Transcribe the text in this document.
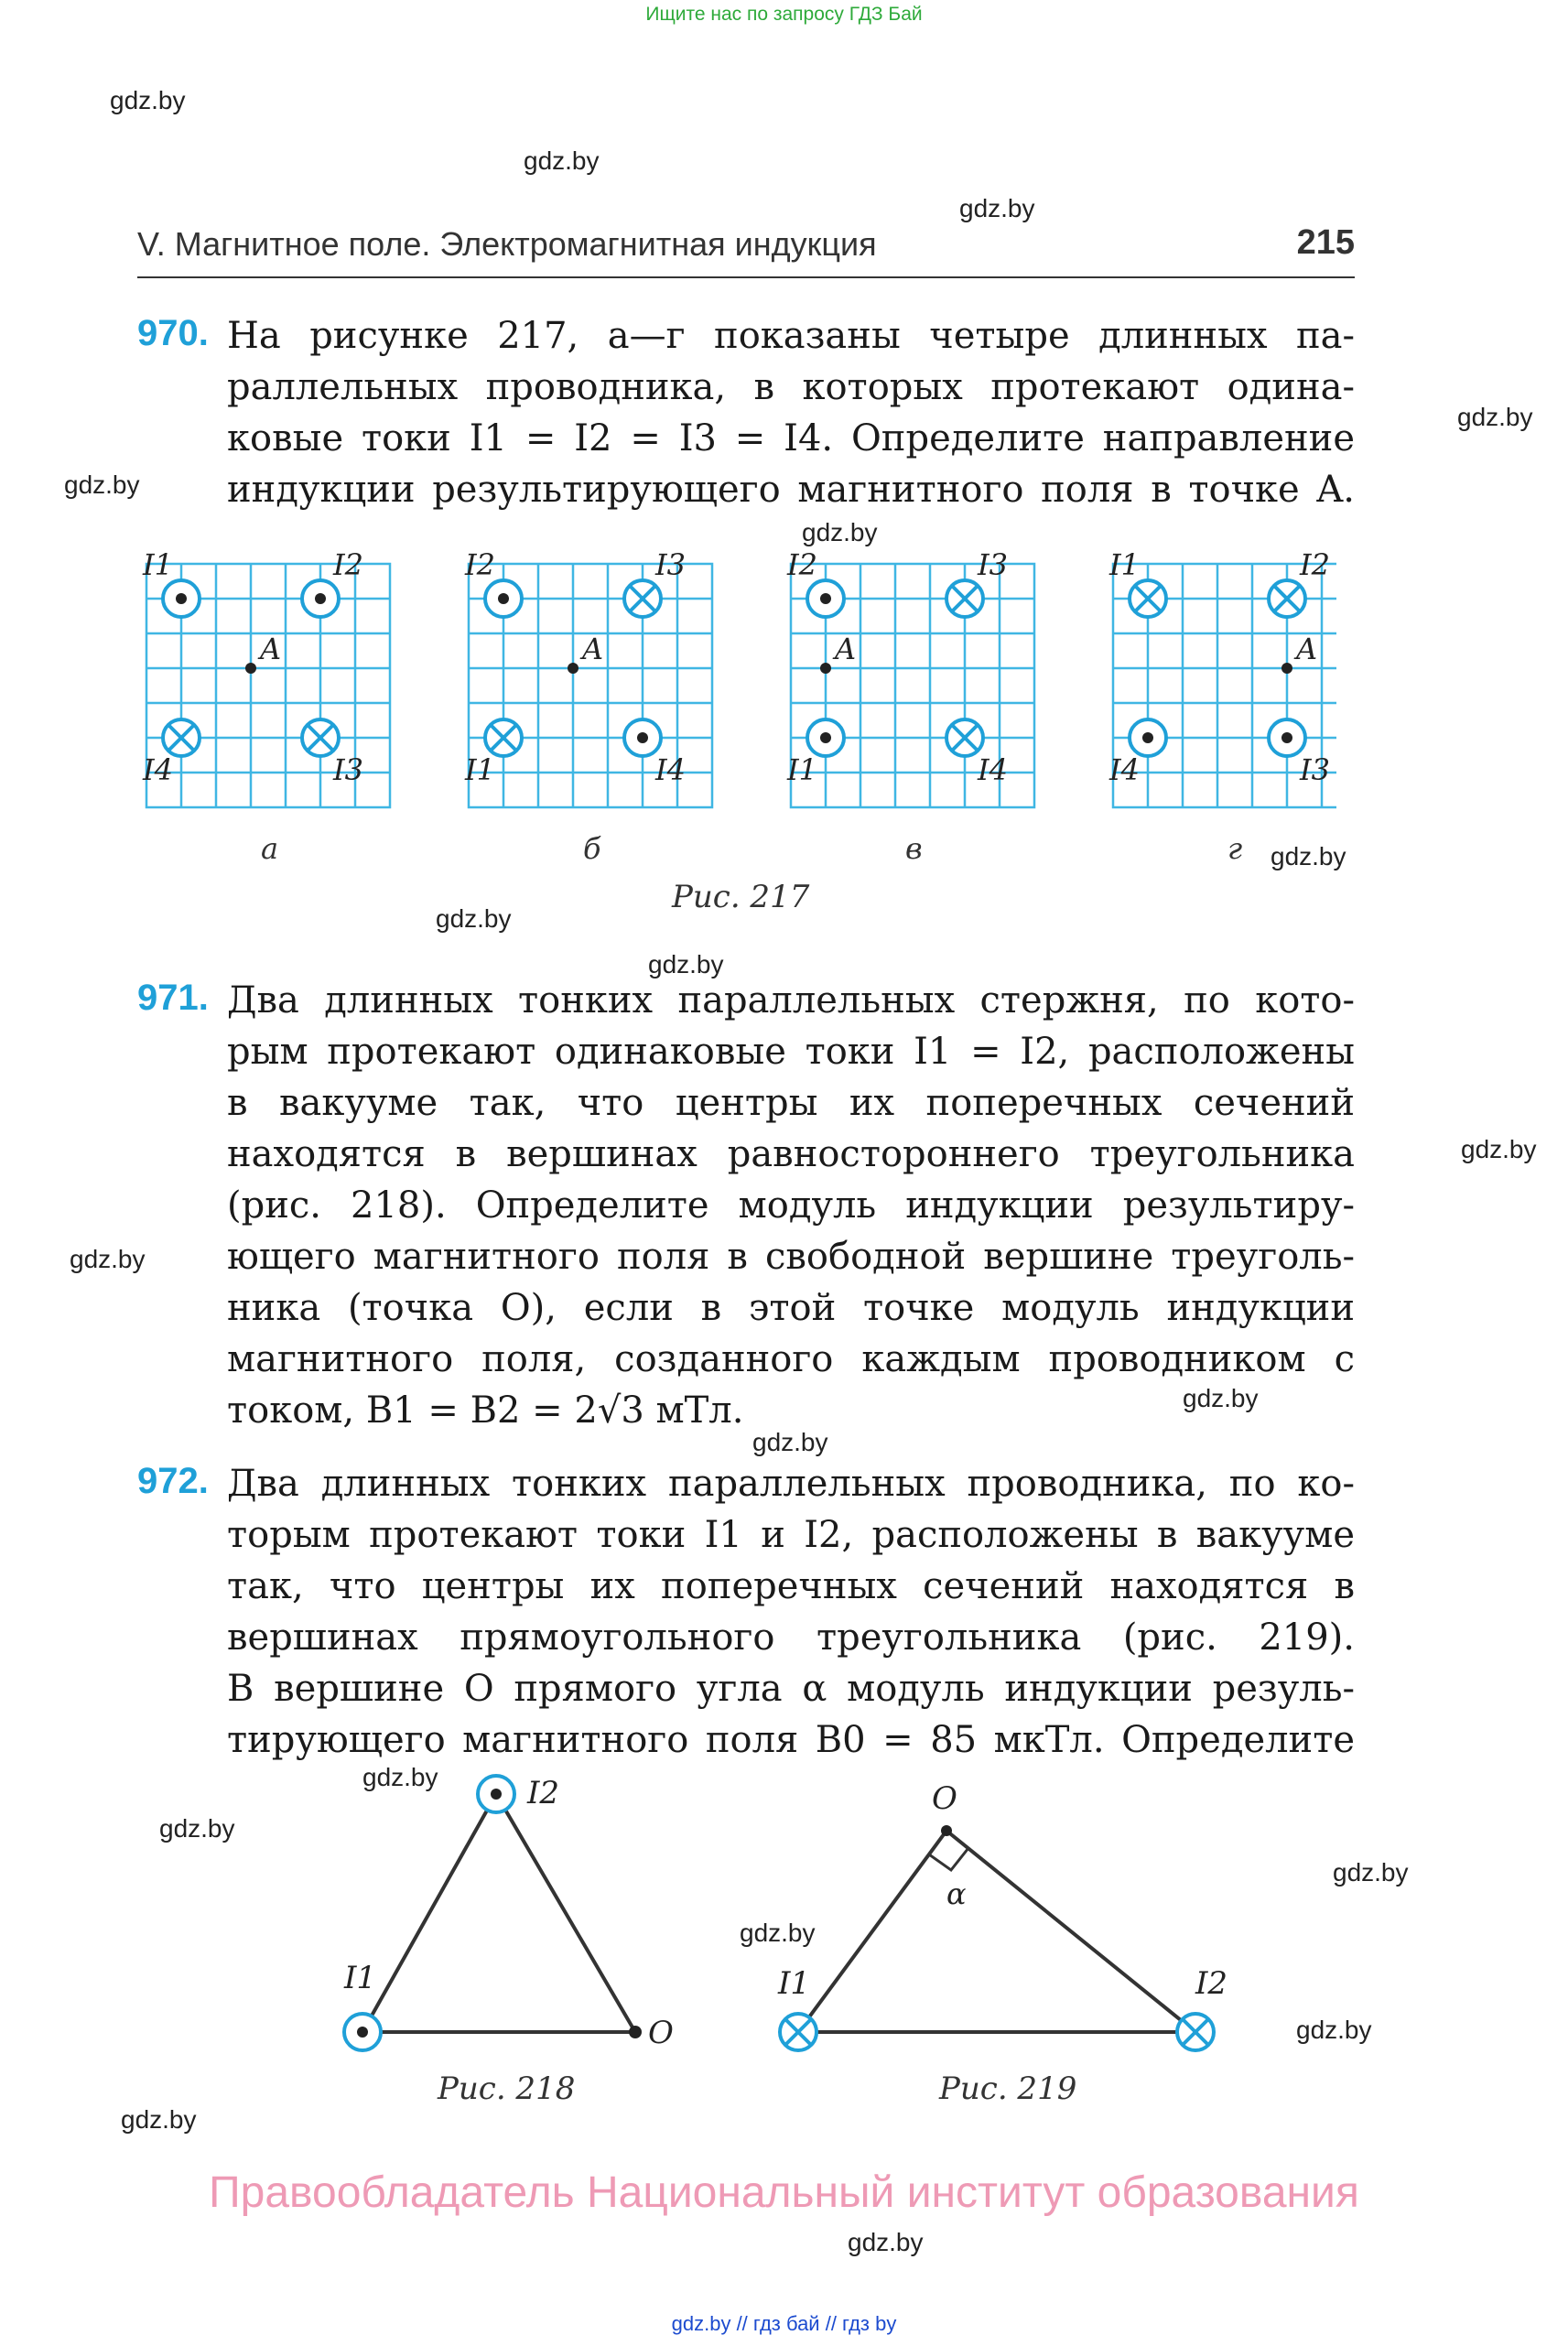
Ищите нас по запросу ГДЗ Бай
gdz.by
gdz.by
gdz.by
gdz.by
gdz.by
gdz.by
gdz.by
gdz.by
gdz.by
gdz.by
gdz.by
gdz.by
gdz.by
gdz.by
gdz.by
gdz.by
gdz.by
gdz.by
gdz.by
gdz.by
V. Магнитное поле. Электромагнитная индукция	215
970. На рисунке 217, а—г показаны четыре длинных па-
раллельных проводника, в которых протекают одина-
ковые токи I1 = I2 = I3 = I4. Определите направление
индукции результирующего магнитного поля в точке A.
I1	I2
I4	I3
A
а
I2	I3
I1	I4
A
б
I2	I3
I1	I4
A
в
I1	I2
I4	I3
A
г
Рис. 217
971. Два длинных тонких параллельных стержня, по кото-
рым протекают одинаковые токи I1 = I2, расположены
в вакууме так, что центры их поперечных сечений
находятся в вершинах равностороннего треугольника
(рис. 218). Определите модуль индукции результиру-
ющего магнитного поля в свободной вершине треуголь-
ника (точка O), если в этой точке модуль индукции
магнитного поля, созданного каждым проводником с
током, B1 = B2 = 2√3 мТл.
972. Два длинных тонких параллельных проводника, по ко-
торым протекают токи I1 и I2, расположены в вакууме
так, что центры их поперечных сечений находятся в
вершинах прямоугольного треугольника (рис. 219).
В вершине O прямого угла α модуль индукции резуль-
тирующего магнитного поля B0 = 85 мкТл. Определите
I2
I1
O
Рис. 218
O
α
I1	I2
Рис. 219
Правообладатель Национальный институт образования
gdz.by // гдз бай // гдз by
